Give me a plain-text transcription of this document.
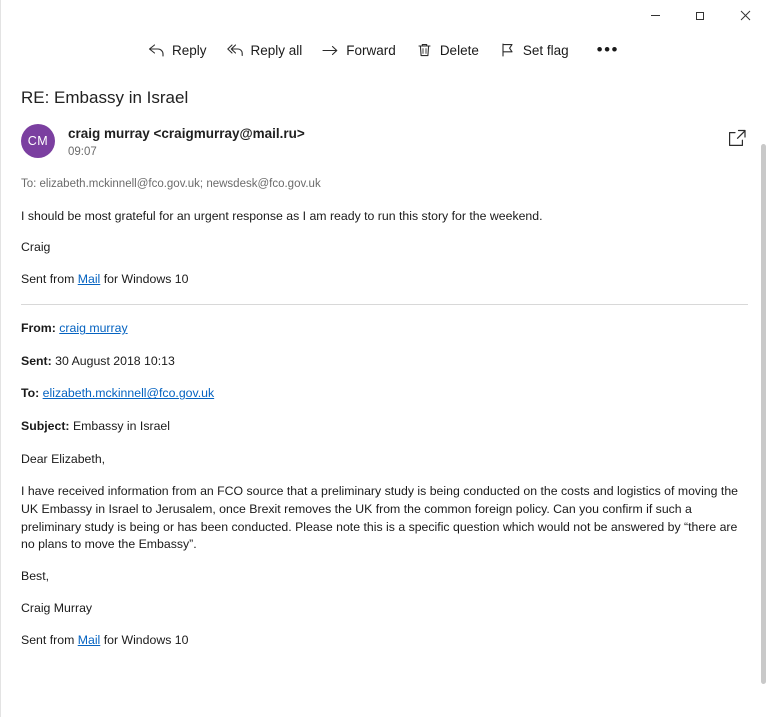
Reply	Reply all	Forward	Delete	Set flag •••
RE: Embassy in Israel
CM	craig murray <craigmurray@mail.ru>
09:07
To: elizabeth.mckinnell@fco.gov.uk; newsdesk@fco.gov.uk

I should be most grateful for an urgent response as I am ready to run this story for the weekend.

Craig

Sent from Mail for Windows 10

From: craig murray

Sent: 30 August 2018 10:13

To: elizabeth.mckinnell@fco.gov.uk

Subject: Embassy in Israel

Dear Elizabeth,

I have received information from an FCO source that a preliminary study is being conducted on the costs and logistics of moving the UK Embassy in Israel to Jerusalem, once Brexit removes the UK from the common foreign policy. Can you confirm if such a preliminary study is being or has been conducted. Please note this is a specific question which would not be answered by “there are no plans to move the Embassy”.

Best,

Craig Murray

Sent from Mail for Windows 10
